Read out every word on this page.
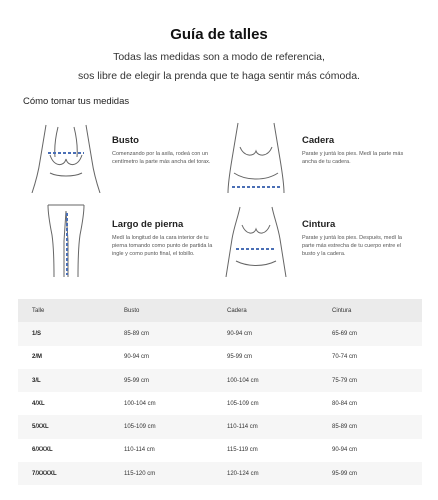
Guía de talles
Todas las medidas son a modo de referencia,
sos libre de elegir la prenda que te haga sentir más cómoda.
Cómo tomar tus medidas
Busto
Comenzando por la axila, rodeá con un centímetro la parte más ancha del torax.
Cadera
Parate y juntá los pies. Medí la parte más ancha de tu cadera.
Largo de pierna
Medí la longitud de la cara interior de tu pierna tomando como punto de partida la ingle y como punto final, el tobillo.
Cintura
Parate y juntá los pies. Después, medí la parte más estrecha de tu cuerpo entre el busto y la cadera.
Talle	Busto	Cadera	Cintura
1/S	85-89 cm	90-94 cm	65-69 cm
2/M	90-94 cm	95-99 cm	70-74 cm
3/L	95-99 cm	100-104 cm	75-79 cm
4/XL	100-104 cm	105-109 cm	80-84 cm
5/XXL	105-109 cm	110-114 cm	85-89 cm
6/XXXL	110-114 cm	115-119 cm	90-94 cm
7/XXXXL	115-120 cm	120-124 cm	95-99 cm
